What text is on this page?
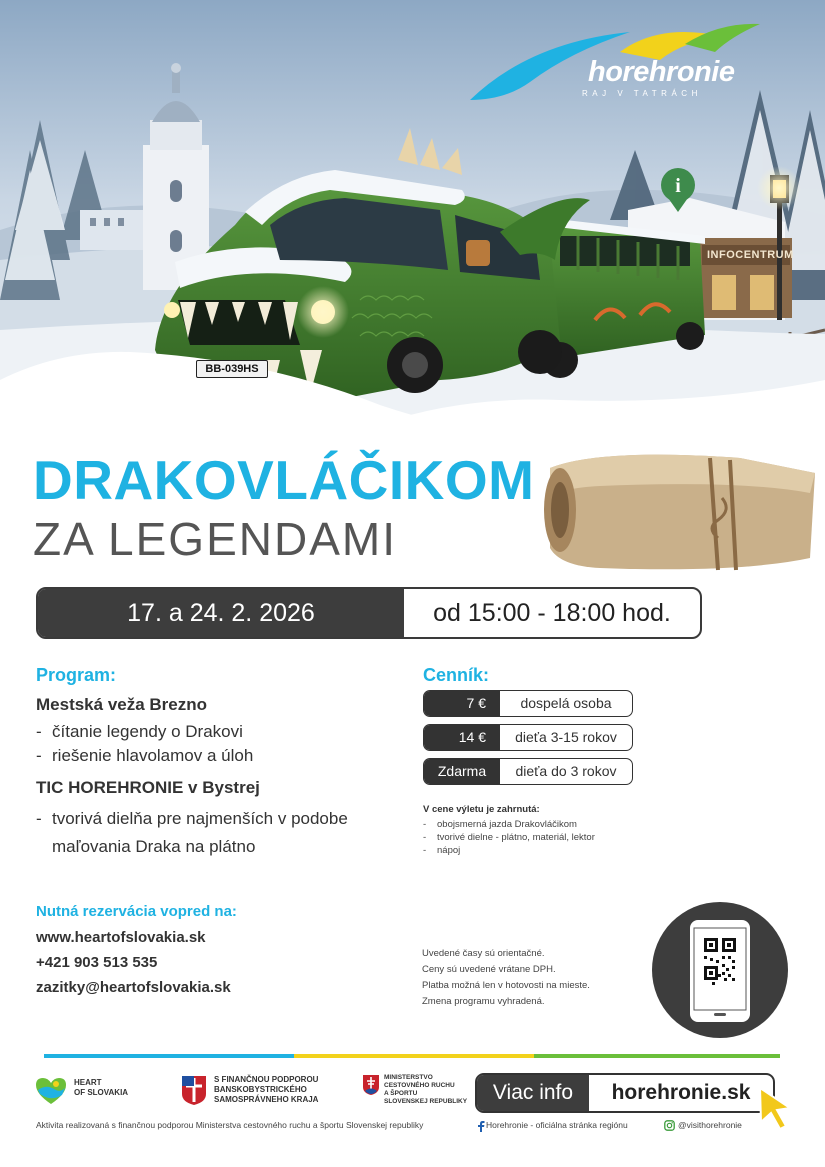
i
horehronie
RAJ V TATRÁCH
INFOCENTRUM
BB-039HS
DRAKOVLÁČIKOM
ZA LEGENDAMI
17. a 24. 2. 2026	od 15:00 - 18:00 hod.
Program:
Mestská veža Brezno
- čítanie legendy o Drakovi
- riešenie hlavolamov a úloh
TIC HOREHRONIE v Bystrej
- tvorivá dielňa pre najmenších v podobe maľovania Draka na plátno
Cenník:
7 €	dospelá osoba
14 €	dieťa 3-15 rokov
Zdarma	dieťa do 3 rokov
V cene výletu je zahrnutá:
- obojsmerná jazda Drakovláčikom
- tvorivé dielne - plátno, materiál, lektor
- nápoj
Nutná rezervácia vopred na:
www.heartofslovakia.sk
+421 903 513 535
zazitky@heartofslovakia.sk
Uvedené časy sú orientačné.
Ceny sú uvedené vrátane DPH.
Platba možná len v hotovosti na mieste.
Zmena programu vyhradená.
HEART
OF SLOVAKIA
S FINANČNOU PODPOROU
BANSKOBYSTRICKÉHO
SAMOSPRÁVNEHO KRAJA
MINISTERSTVO
CESTOVNÉHO RUCHU
A ŠPORTU
SLOVENSKEJ REPUBLIKY	Viac info	horehronie.sk
Aktivita realizovaná s finančnou podporou Ministerstva cestovného ruchu a športu Slovenskej republiky	Horehronie - oficiálna stránka regiónu	@visithorehronie
